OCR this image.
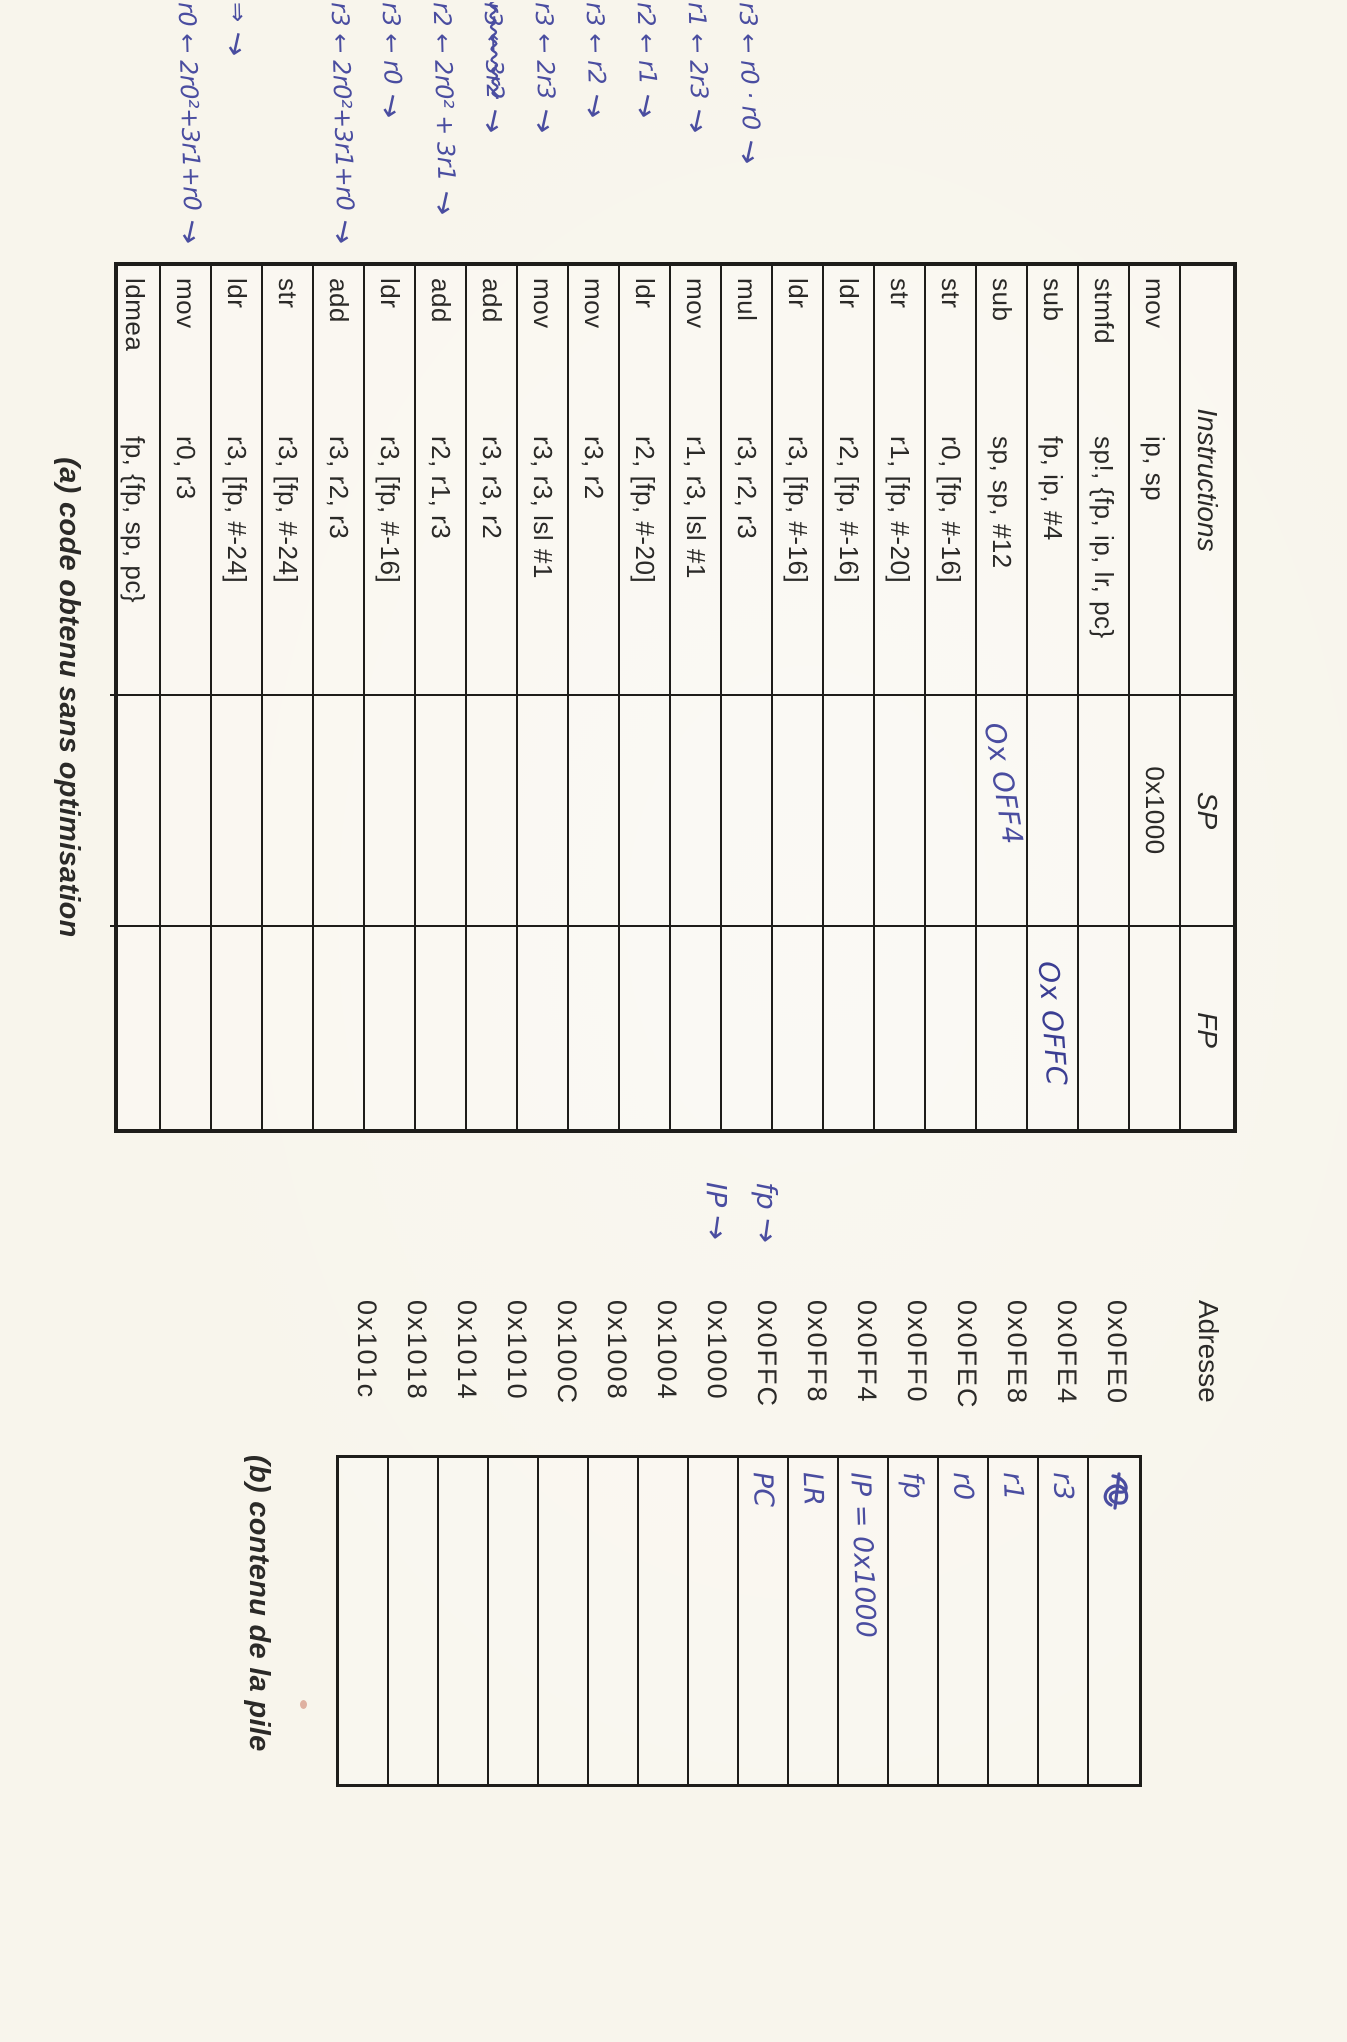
r3 ← r0 · r0
→
r1 ← 2r3
→
r2 ← r1
→
r3 ← r2
→
r3 ← 2r3
→
r3 ← 3r2
→
r2 ← 2r0² + 3r1
→
r3 ← r0
→
r3 ← 2r0²+3r1+r0
→
⇒
→
r0 ← 2r0²+3r1+r0
→
Instructions
SP
FP
mov
ip, sp
0x1000
stmfd
sp!, {fp, ip, lr, pc}
sub
fp, ip, #4
Ox OFFC
sub
sp, sp, #12
Ox OFF4
str
r0, [fp, #-16]
str
r1, [fp, #-20]
ldr
r2, [fp, #-16]
ldr
r3, [fp, #-16]
mul
r3, r2, r3
mov
r1, r3, lsl #1
ldr
r2, [fp, #-20]
mov
r3, r2
mov
r3, r3, lsl #1
add
r3, r3, r2
add
r2, r1, r3
ldr
r3, [fp, #-16]
add
r3, r2, r3
str
r3, [fp, #-24]
ldr
r3, [fp, #-24]
mov
r0, r3
ldmea
fp, {fp, sp, pc}
(a) code obtenu sans optimisation
Adresse
0x0FE0
0x0FE4
0x0FE8
0x0FEC
0x0FF0
0x0FF4
0x0FF8
0x0FFC
0x1000
0x1004
0x1008
0x100C
0x1010
0x1014
0x1018
0x101c
r3
r1
r0
fp
IP = 0x1000
LR
PC
fp
→
IP
→
(b) contenu de la pile
